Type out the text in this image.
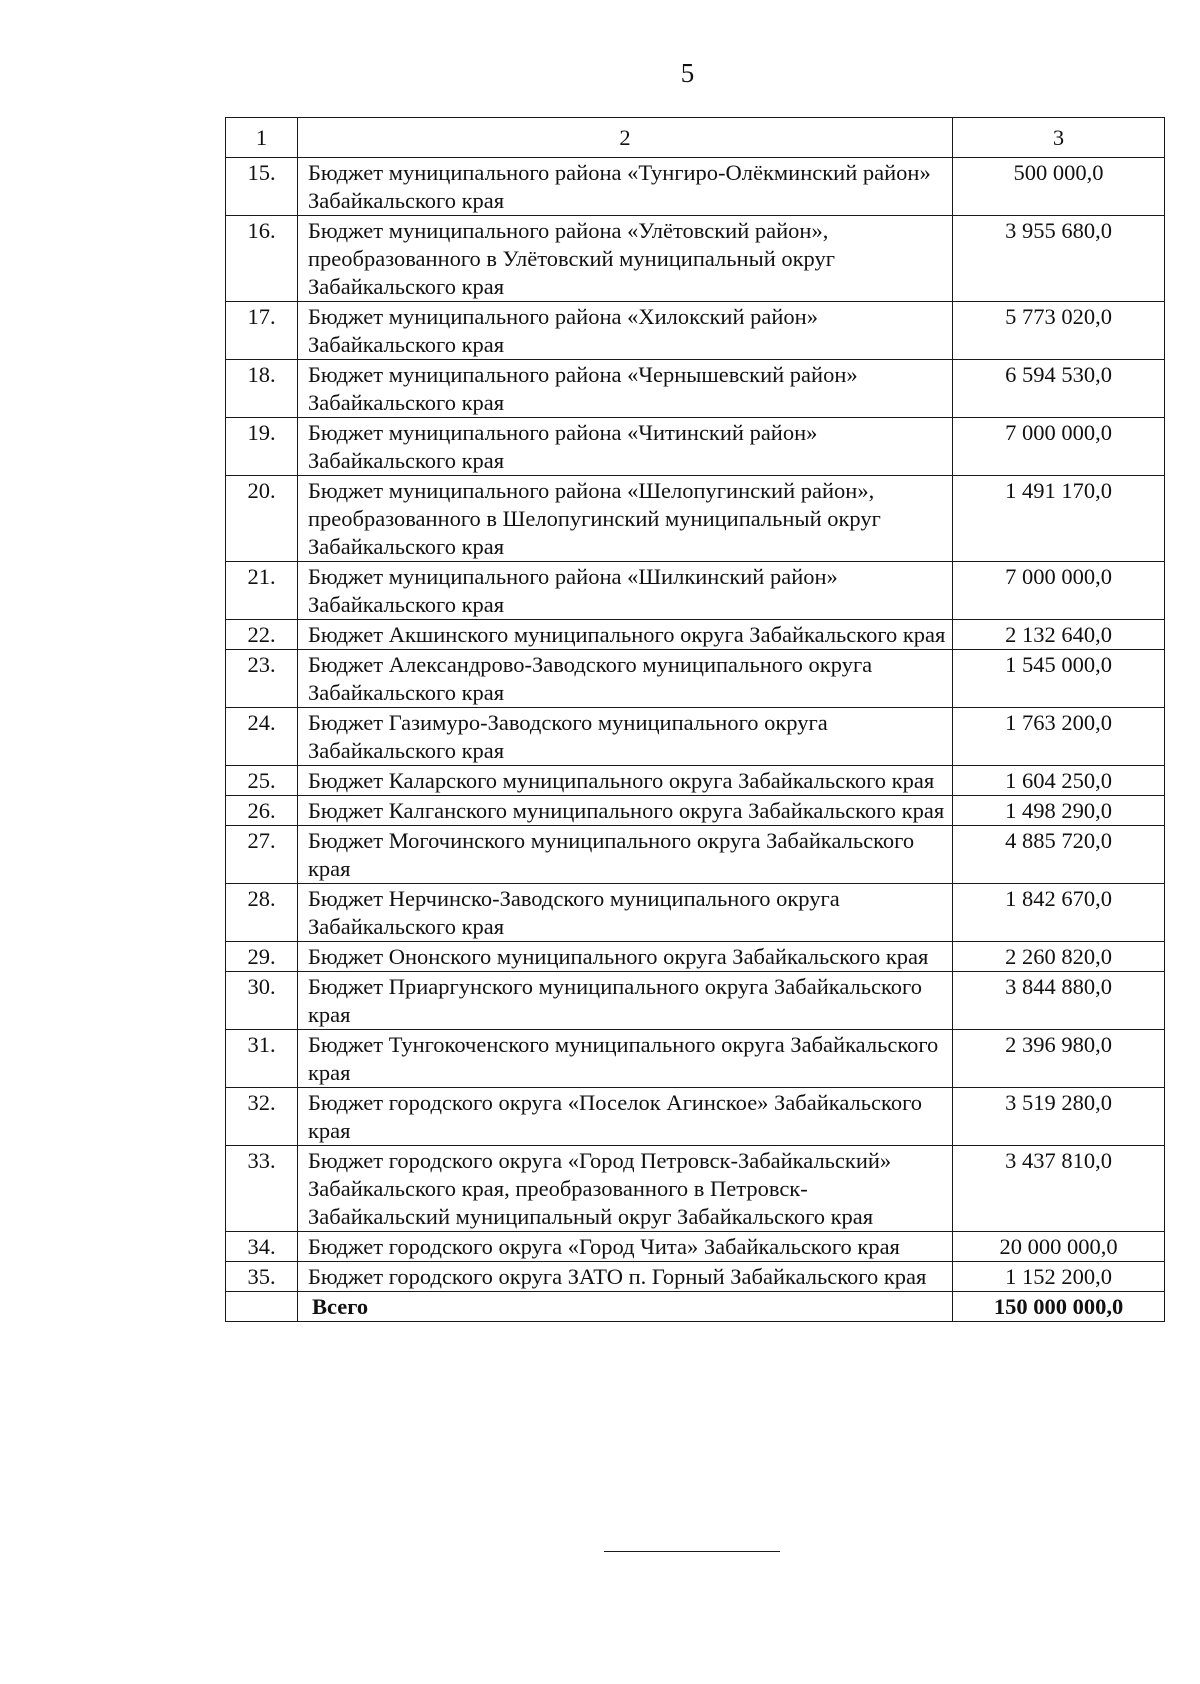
5
1	2	3
15.	Бюджет муниципального района «Тунгиро-Олёкминский район» Забайкальского края	500 000,0
16.	Бюджет муниципального района «Улётовский район», преобразованного в Улётовский муниципальный округ Забайкальского края	3 955 680,0
17.	Бюджет муниципального района «Хилокский район» Забайкальского края	5 773 020,0
18.	Бюджет муниципального района «Чернышевский район» Забайкальского края	6 594 530,0
19.	Бюджет муниципального района «Читинский район» Забайкальского края	7 000 000,0
20.	Бюджет муниципального района «Шелопугинский район», преобразованного в Шелопугинский муниципальный округ Забайкальского края	1 491 170,0
21.	Бюджет муниципального района «Шилкинский район» Забайкальского края	7 000 000,0
22.	Бюджет Акшинского муниципального округа Забайкальского края	2 132 640,0
23.	Бюджет Александрово-Заводского муниципального округа Забайкальского края	1 545 000,0
24.	Бюджет Газимуро-Заводского муниципального округа Забайкальского края	1 763 200,0
25.	Бюджет Каларского муниципального округа Забайкальского края	1 604 250,0
26.	Бюджет Калганского муниципального округа Забайкальского края	1 498 290,0
27.	Бюджет Могочинского муниципального округа Забайкальского края	4 885 720,0
28.	Бюджет Нерчинско-Заводского муниципального округа Забайкальского края	1 842 670,0
29.	Бюджет Ононского муниципального округа Забайкальского края	2 260 820,0
30.	Бюджет Приаргунского муниципального округа Забайкальского края	3 844 880,0
31.	Бюджет Тунгокоченского муниципального округа Забайкальского края	2 396 980,0
32.	Бюджет городского округа «Поселок Агинское» Забайкальского края	3 519 280,0
33.	Бюджет городского округа «Город Петровск-Забайкальский» Забайкальского края, преобразованного в Петровск-Забайкальский муниципальный округ Забайкальского края	3 437 810,0
34.	Бюджет городского округа «Город Чита» Забайкальского края	20 000 000,0
35.	Бюджет городского округа ЗАТО п. Горный Забайкальского края	1 152 200,0
	Всего	150 000 000,0
